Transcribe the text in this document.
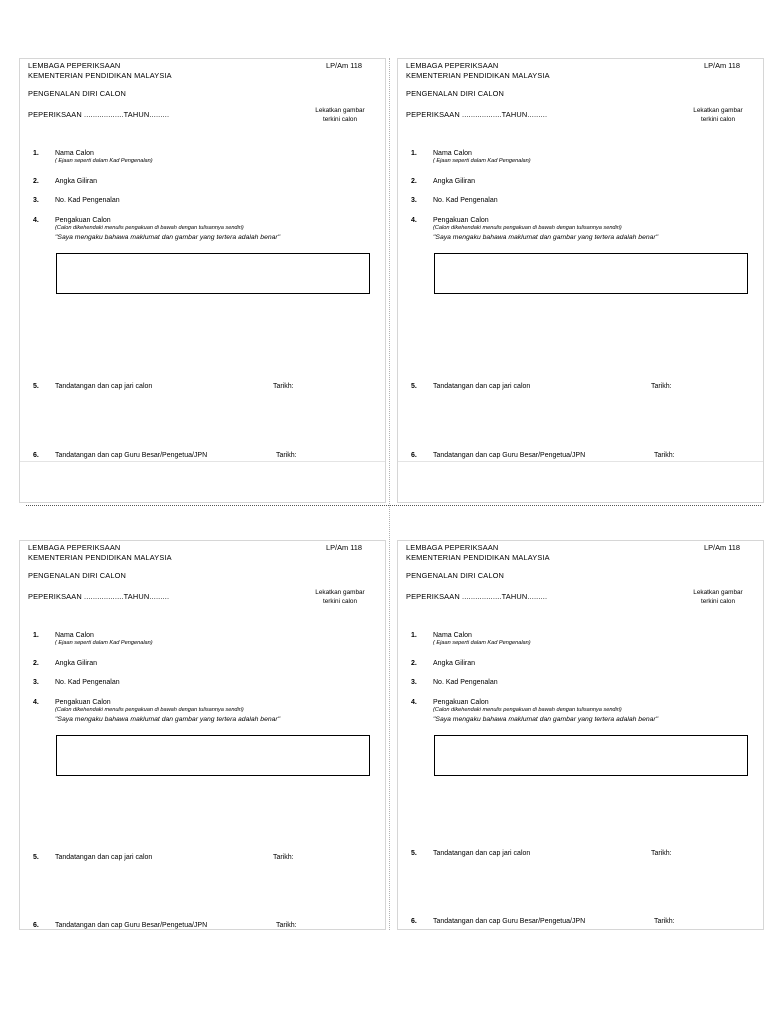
LEMBAGA PEPERIKSAAN
KEMENTERIAN PENDIDIKAN MALAYSIA
LP/Am 118
PENGENALAN DIRI CALON
PEPERIKSAAN ..................TAHUN.........	Lekatkan gambar
terkini calon
1. Nama Calon
( Ejaan seperti dalam Kad Pengenalan)
2. Angka Giliran
3. No. Kad Pengenalan
4. Pengakuan Calon
(Calon dikehendaki menulis pengakuan di bawah dengan tulisannya sendiri)
"Saya mengaku bahawa maklumat dan gambar yang tertera adalah benar"
5. Tandatangan dan cap jari calon	Tarikh:
6. Tandatangan dan cap Guru Besar/Pengetua/JPN	Tarikh:
LEMBAGA PEPERIKSAAN
KEMENTERIAN PENDIDIKAN MALAYSIA
LP/Am 118
PENGENALAN DIRI CALON
PEPERIKSAAN ..................TAHUN.........	Lekatkan gambar
terkini calon
1. Nama Calon
( Ejaan seperti dalam Kad Pengenalan)
2. Angka Giliran
3. No. Kad Pengenalan
4. Pengakuan Calon
(Calon dikehendaki menulis pengakuan di bawah dengan tulisannya sendiri)
"Saya mengaku bahawa maklumat dan gambar yang tertera adalah benar"
5. Tandatangan dan cap jari calon	Tarikh:
6. Tandatangan dan cap Guru Besar/Pengetua/JPN	Tarikh:
LEMBAGA PEPERIKSAAN
KEMENTERIAN PENDIDIKAN MALAYSIA
LP/Am 118
PENGENALAN DIRI CALON
PEPERIKSAAN ..................TAHUN.........	Lekatkan gambar
terkini calon
1. Nama Calon
( Ejaan seperti dalam Kad Pengenalan)
2. Angka Giliran
3. No. Kad Pengenalan
4. Pengakuan Calon
(Calon dikehendaki menulis pengakuan di bawah dengan tulisannya sendiri)
"Saya mengaku bahawa maklumat dan gambar yang tertera adalah benar"
5. Tandatangan dan cap jari calon	Tarikh:
6. Tandatangan dan cap Guru Besar/Pengetua/JPN	Tarikh:
LEMBAGA PEPERIKSAAN
KEMENTERIAN PENDIDIKAN MALAYSIA
LP/Am 118
PENGENALAN DIRI CALON
PEPERIKSAAN ..................TAHUN.........	Lekatkan gambar
terkini calon
1. Nama Calon
( Ejaan seperti dalam Kad Pengenalan)
2. Angka Giliran
3. No. Kad Pengenalan
4. Pengakuan Calon
(Calon dikehendaki menulis pengakuan di bawah dengan tulisannya sendiri)
"Saya mengaku bahawa maklumat dan gambar yang tertera adalah benar"
5. Tandatangan dan cap jari calon	Tarikh:
6. Tandatangan dan cap Guru Besar/Pengetua/JPN	Tarikh:
